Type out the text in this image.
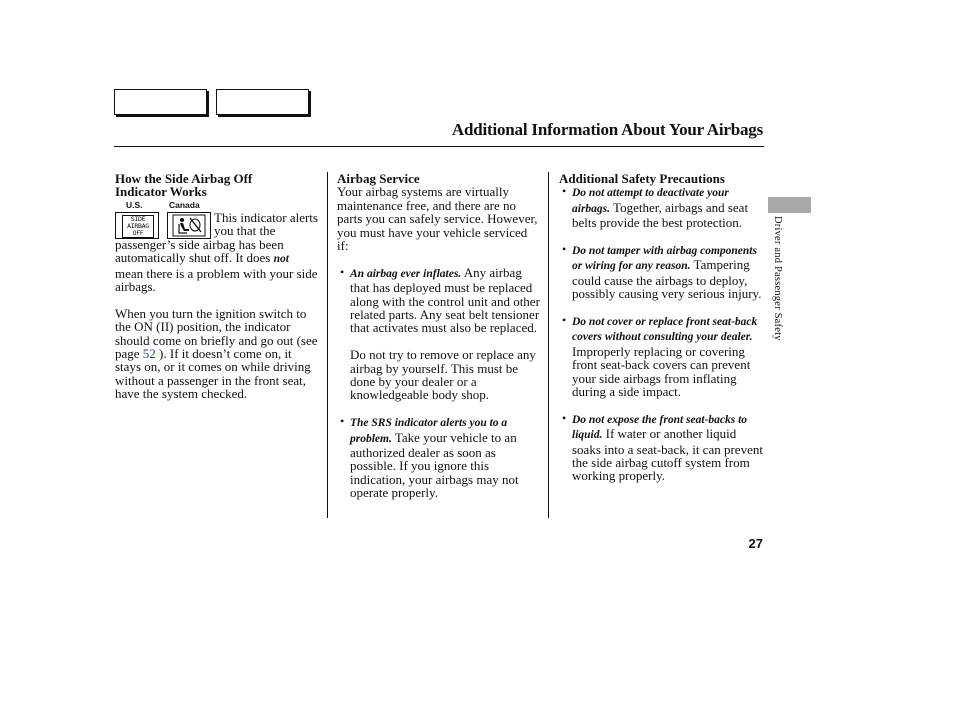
Additional Information About Your Airbags
How the Side Airbag Off
Indicator Works
U.S.	Canada
SIDE
AIRBAG
OFF

This indicator alerts you that the passenger’s side airbag has been automatically shut off. It does not mean there is a problem with your side airbags.

When you turn the ignition switch to the ON (II) position, the indicator should come on briefly and go out (see page 52 ). If it doesn’t come on, it stays on, or it comes on while driving without a passenger in the front seat, have the system checked.

Airbag Service

Your airbag systems are virtually maintenance free, and there are no parts you can safely service. However, you must have your vehicle serviced if:

• An airbag ever inflates. Any airbag that has deployed must be replaced along with the control unit and other related parts. Any seat belt tensioner that activates must also be replaced.

Do not try to remove or replace any airbag by yourself. This must be done by your dealer or a knowledgeable body shop.

• The SRS indicator alerts you to a problem. Take your vehicle to an authorized dealer as soon as possible. If you ignore this indication, your airbags may not operate properly.
Additional Safety Precautions
• Do not attempt to deactivate your airbags. Together, airbags and seat belts provide the best protection.
• Do not tamper with airbag components or wiring for any reason. Tampering could cause the airbags to deploy, possibly causing very serious injury.
• Do not cover or replace front seat-back covers without consulting your dealer. Improperly replacing or covering front seat-back covers can prevent your side airbags from inflating during a side impact.
• Do not expose the front seat-backs to liquid. If water or another liquid soaks into a seat-back, it can prevent the side airbag cutoff system from working properly.
Driver and Passenger Safety
27
